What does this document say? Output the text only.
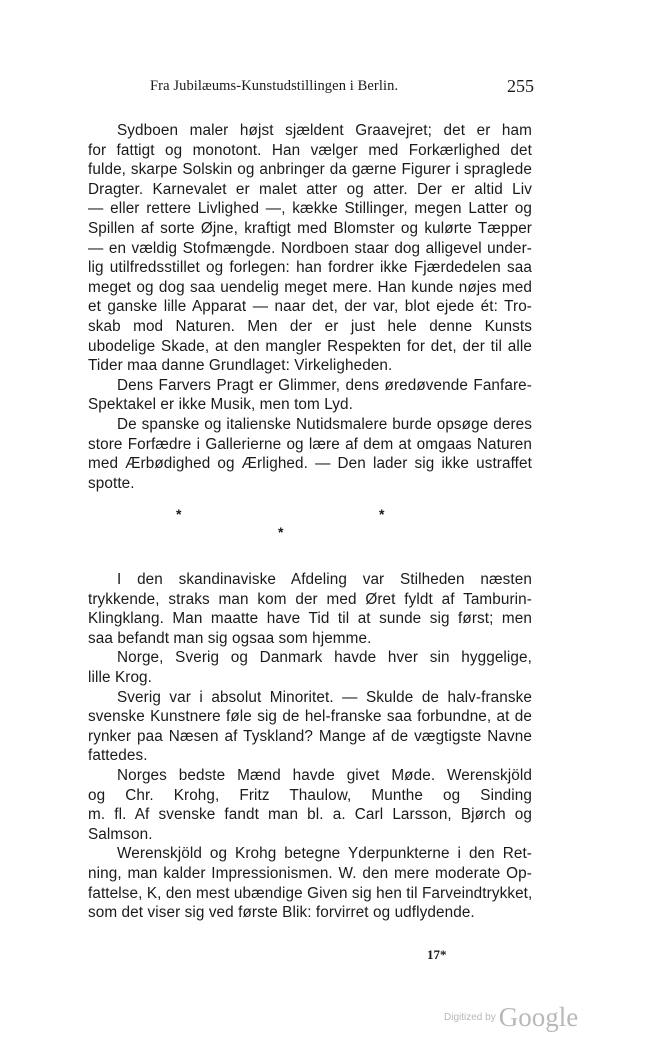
Fra Jubilæums-Kunstudstillingen i Berlin.	255
Sydboen maler højst sjældent Graavejret; det er ham
for fattigt og monotont. Han vælger med Forkærlighed det
fulde, skarpe Solskin og anbringer da gærne Figurer i spraglede
Dragter. Karnevalet er malet atter og atter. Der er altid Liv
— eller rettere Livlighed —, kække Stillinger, megen Latter og
Spillen af sorte Øjne, kraftigt med Blomster og kulørte Tæpper
— en vældig Stofmængde. Nordboen staar dog alligevel under-
lig utilfredsstillet og forlegen: han fordrer ikke Fjærdedelen saa
meget og dog saa uendelig meget mere. Han kunde nøjes med
et ganske lille Apparat — naar det, der var, blot ejede ét: Tro-
skab mod Naturen. Men der er just hele denne Kunsts
ubodelige Skade, at den mangler Respekten for det, der til alle
Tider maa danne Grundlaget: Virkeligheden.
Dens Farvers Pragt er Glimmer, dens øredøvende Fanfare-
Spektakel er ikke Musik, men tom Lyd.
De spanske og italienske Nutidsmalere burde opsøge deres
store Forfædre i Gallerierne og lære af dem at omgaas Naturen
med Ærbødighed og Ærlighed. — Den lader sig ikke ustraffet
spotte.
*	*
*
I den skandinaviske Afdeling var Stilheden næsten
trykkende, straks man kom der med Øret fyldt af Tamburin-
Klingklang. Man maatte have Tid til at sunde sig først; men
saa befandt man sig ogsaa som hjemme.
Norge, Sverig og Danmark havde hver sin hyggelige,
lille Krog.
Sverig var i absolut Minoritet. — Skulde de halv-franske
svenske Kunstnere føle sig de hel-franske saa forbundne, at de
rynker paa Næsen af Tyskland? Mange af de vægtigste Navne
fattedes.
Norges bedste Mænd havde givet Møde. Werenskjöld
og Chr. Krohg, Fritz Thaulow, Munthe og Sinding
m. fl. Af svenske fandt man bl. a. Carl Larsson, Bjørch og
Salmson.
Werenskjöld og Krohg betegne Yderpunkterne i den Ret-
ning, man kalder Impressionismen. W. den mere moderate Op-
fattelse, K, den mest ubændige Given sig hen til Farveindtrykket,
som det viser sig ved første Blik: forvirret og udflydende.
17*
Digitized by Google
